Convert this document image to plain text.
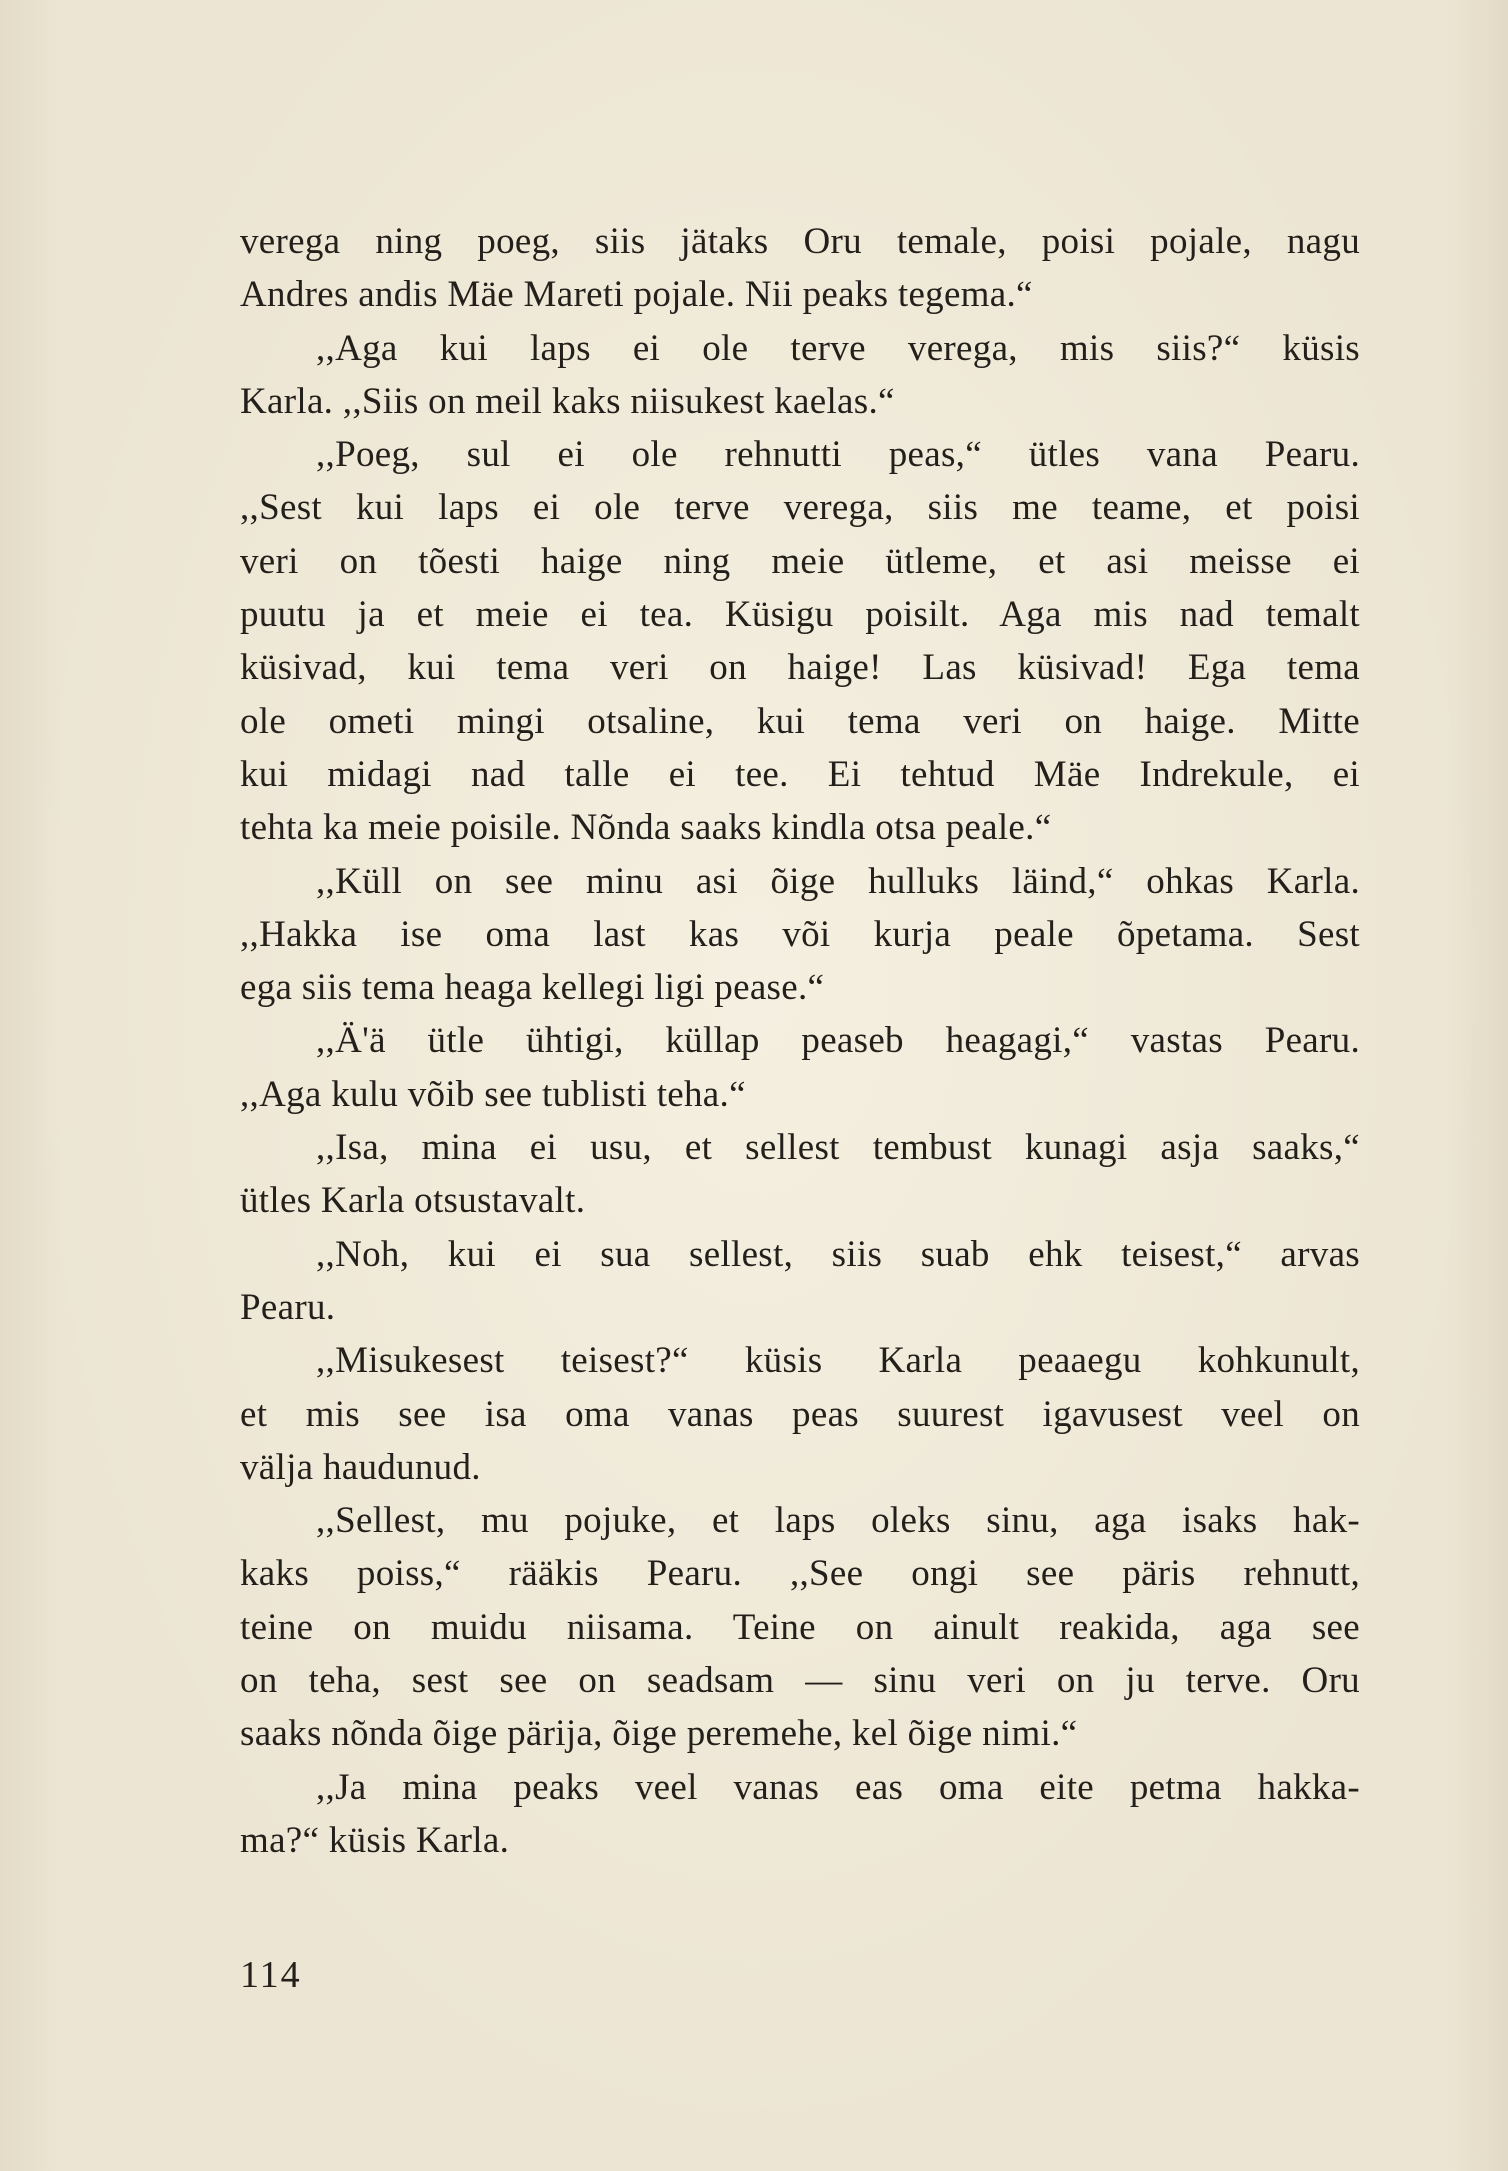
verega ning poeg, siis jätaks Oru temale, poisi pojale, nagu
Andres andis Mäe Mareti pojale. Nii peaks tegema.“
,,Aga kui laps ei ole terve verega, mis siis?“ küsis
Karla. ,,Siis on meil kaks niisukest kaelas.“
,,Poeg, sul ei ole rehnutti peas,“ ütles vana Pearu.
,,Sest kui laps ei ole terve verega, siis me teame, et poisi
veri on tõesti haige ning meie ütleme, et asi meisse ei
puutu ja et meie ei tea. Küsigu poisilt. Aga mis nad temalt
küsivad, kui tema veri on haige! Las küsivad! Ega tema
ole ometi mingi otsaline, kui tema veri on haige. Mitte
kui midagi nad talle ei tee. Ei tehtud Mäe Indrekule, ei
tehta ka meie poisile. Nõnda saaks kindla otsa peale.“
,,Küll on see minu asi õige hulluks läind,“ ohkas Karla.
,,Hakka ise oma last kas või kurja peale õpetama. Sest
ega siis tema heaga kellegi ligi pease.“
,,Ä'ä ütle ühtigi, küllap peaseb heagagi,“ vastas Pearu.
,,Aga kulu võib see tublisti teha.“
,,Isa, mina ei usu, et sellest tembust kunagi asja saaks,“
ütles Karla otsustavalt.
,,Noh, kui ei sua sellest, siis suab ehk teisest,“ arvas
Pearu.
,,Misukesest teisest?“ küsis Karla peaaegu kohkunult,
et mis see isa oma vanas peas suurest igavusest veel on
välja haudunud.
,,Sellest, mu pojuke, et laps oleks sinu, aga isaks hak-
kaks poiss,“ rääkis Pearu. ,,See ongi see päris rehnutt,
teine on muidu niisama. Teine on ainult reakida, aga see
on teha, sest see on seadsam — sinu veri on ju terve. Oru
saaks nõnda õige pärija, õige peremehe, kel õige nimi.“
,,Ja mina peaks veel vanas eas oma eite petma hakka-
ma?“ küsis Karla.
114
